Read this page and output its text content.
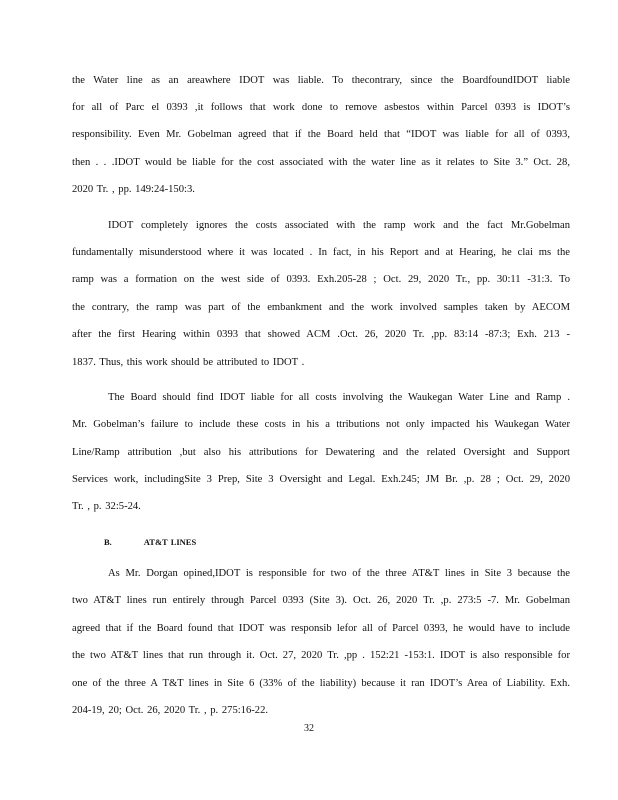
the Water line as an areawhere IDOT was liable. To thecontrary, since the BoardfoundIDOT liable
for all of Parc el 0393 ,it follows that work done to remove asbestos within Parcel 0393 is IDOT’s
responsibility. Even Mr. Gobelman agreed that if the Board held that “IDOT was liable for all of 0393,
then . . .IDOT would be liable for the cost associated with the water line as it relates to Site 3.” Oct. 28,
2020 Tr. , pp. 149:24-150:3.
IDOT completely ignores the costs associated with the ramp work and the fact Mr.Gobelman
fundamentally misunderstood where it was located . In fact, in his Report and at Hearing, he clai ms the
ramp was a formation on the west side of 0393. Exh.205-28 ; Oct. 29, 2020 Tr., pp. 30:11 -31:3. To
the contrary, the ramp was part of the embankment and the work involved samples taken by AECOM
after the first Hearing within 0393 that showed ACM .Oct. 26, 2020 Tr. ,pp. 83:14 -87:3; Exh. 213 -
1837. Thus, this work should be attributed to IDOT .
The Board should find IDOT liable for all costs involving the Waukegan Water Line and Ramp .
Mr. Gobelman’s failure to include these costs in his a ttributions not only impacted his Waukegan Water
Line/Ramp attribution ,but also his attributions for Dewatering and the related Oversight and Support
Services work, includingSite 3 Prep, Site 3 Oversight and Legal. Exh.245; JM Br. ,p. 28 ; Oct. 29, 2020
Tr. , p. 32:5-24.
B.	AT&T LINES
As Mr. Dorgan opined,IDOT is responsible for two of the three AT&T lines in Site 3 because the
two AT&T lines run entirely through Parcel 0393 (Site 3). Oct. 26, 2020 Tr. ,p. 273:5 -7. Mr. Gobelman
agreed that if the Board found that IDOT was responsib lefor all of Parcel 0393, he would have to include
the two AT&T lines that run through it. Oct. 27, 2020 Tr. ,pp . 152:21 -153:1. IDOT is also responsible for
one of the three A T&T lines in Site 6 (33% of the liability) because it ran IDOT’s Area of Liability. Exh.
204-19, 20; Oct. 26, 2020 Tr. , p. 275:16-22.
32
